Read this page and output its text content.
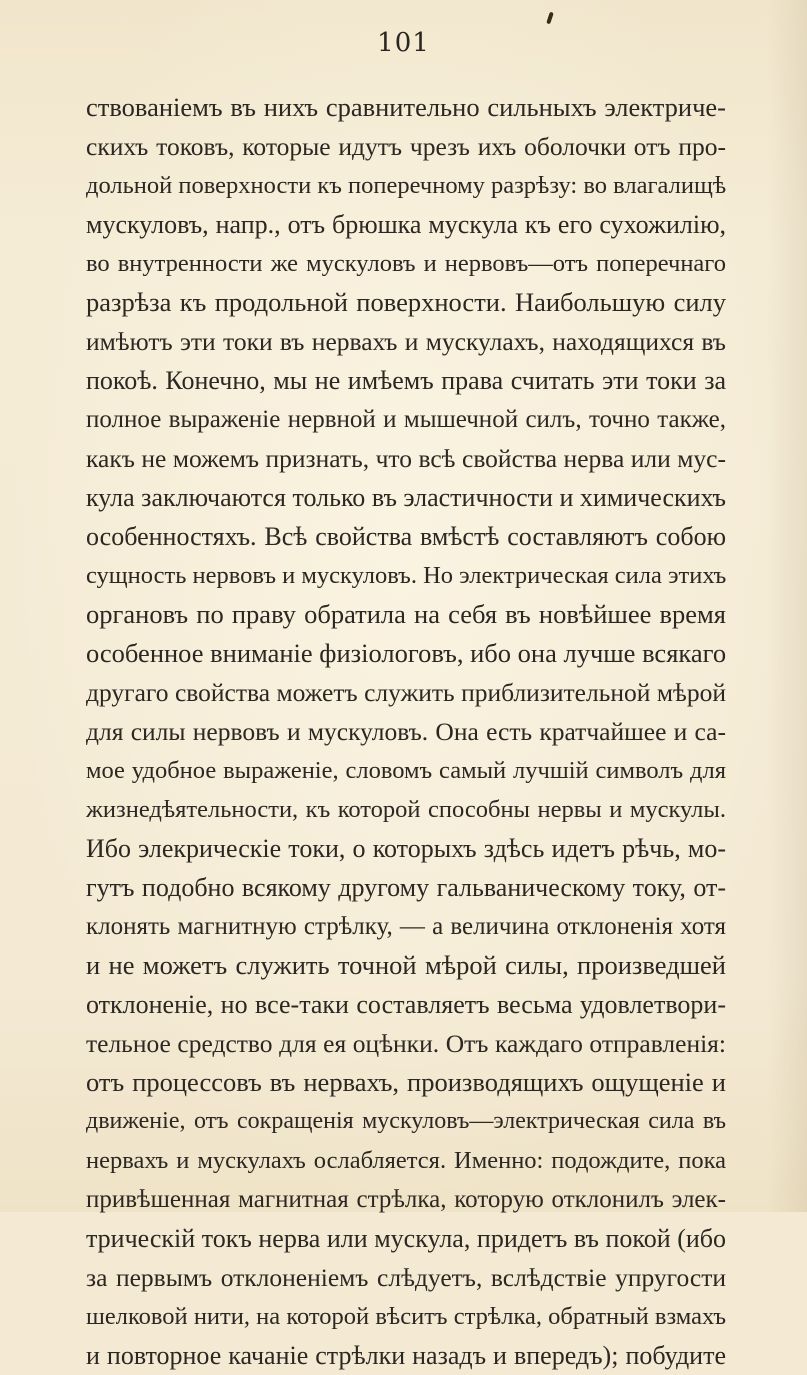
101
ствованіемъ въ нихъ сравнительно сильныхъ электриче-
скихъ токовъ, которые идутъ чрезъ ихъ оболочки отъ про-
дольной поверхности къ поперечному разрѣзу: во влагалищѣ
мускуловъ, напр., отъ брюшка мускула къ его сухожилію,
во внутренности же мускуловъ и нервовъ—отъ поперечнаго
разрѣза къ продольной поверхности. Наибольшую силу
имѣютъ эти токи въ нервахъ и мускулахъ, находящихся въ
покоѣ. Конечно, мы не имѣемъ права считать эти токи за
полное выраженіе нервной и мышечной силъ, точно также,
какъ не можемъ признать, что всѣ свойства нерва или мус-
кула заключаются только въ эластичности и химическихъ
особенностяхъ. Всѣ свойства вмѣстѣ составляютъ собою
сущность нервовъ и мускуловъ. Но электрическая сила этихъ
органовъ по праву обратила на себя въ новѣйшее время
особенное вниманіе физіологовъ, ибо она лучше всякаго
другаго свойства можетъ служить приблизительной мѣрой
для силы нервовъ и мускуловъ. Она есть кратчайшее и са-
мое удобное выраженіе, словомъ самый лучшій символъ для
жизнедѣятельности, къ которой способны нервы и мускулы.
Ибо элекрическіе токи, о которыхъ здѣсь идетъ рѣчь, мо-
гутъ подобно всякому другому гальваническому току, от-
клонять магнитную стрѣлку, — а величина отклоненія хотя
и не можетъ служить точной мѣрой силы, произведшей
отклоненіе, но все-таки составляетъ весьма удовлетвори-
тельное средство для ея оцѣнки. Отъ каждаго отправленія:
отъ процессовъ въ нервахъ, производящихъ ощущеніе и
движеніе, отъ сокращенія мускуловъ—электрическая сила въ
нервахъ и мускулахъ ослабляется. Именно: подождите, пока
привѣшенная магнитная стрѣлка, которую отклонилъ элек-
трическій токъ нерва или мускула, придетъ въ покой (ибо
за первымъ отклоненіемъ слѣдуетъ, вслѣдствіе упругости
шелковой нити, на которой вѣситъ стрѣлка, обратный взмахъ
и повторное качаніе стрѣлки назадъ и впередъ); побудите
